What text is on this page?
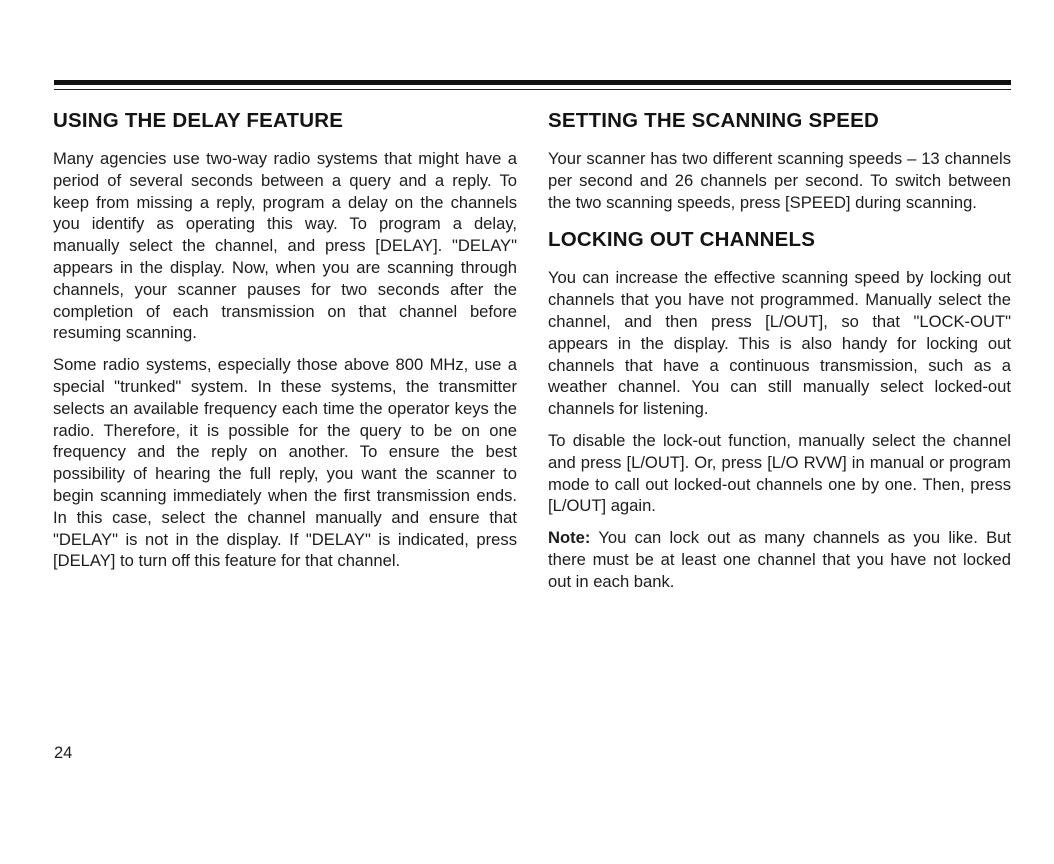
USING THE DELAY FEATURE

Many agencies use two-way radio systems that might have a period of several seconds between a query and a reply. To keep from missing a reply, program a delay on the channels you identify as operating this way. To program a delay, manually select the channel, and press [DELAY]. "DELAY" appears in the display. Now, when you are scanning through channels, your scanner pauses for two seconds after the completion of each transmission on that channel before resuming scanning.

Some radio systems, especially those above 800 MHz, use a special "trunked" system. In these systems, the transmitter selects an available frequency each time the operator keys the radio. Therefore, it is possible for the query to be on one frequency and the reply on another. To ensure the best possibility of hearing the full reply, you want the scanner to begin scanning immediately when the first transmission ends. In this case, select the channel manually and ensure that "DELAY" is not in the display. If "DELAY" is indicated, press [DELAY] to turn off this feature for that channel.

SETTING THE SCANNING SPEED

Your scanner has two different scanning speeds – 13 channels per second and 26 channels per second. To switch between the two scanning speeds, press [SPEED] during scanning.

LOCKING OUT CHANNELS

You can increase the effective scanning speed by locking out channels that you have not programmed. Manually select the channel, and then press [L/OUT], so that "LOCK-OUT" appears in the display. This is also handy for locking out channels that have a continuous transmission, such as a weather channel. You can still manually select locked-out channels for listening.

To disable the lock-out function, manually select the channel and press [L/OUT]. Or, press [L/O RVW] in manual or program mode to call out locked-out channels one by one. Then, press [L/OUT] again.

Note: You can lock out as many channels as you like. But there must be at least one channel that you have not locked out in each bank.

24
